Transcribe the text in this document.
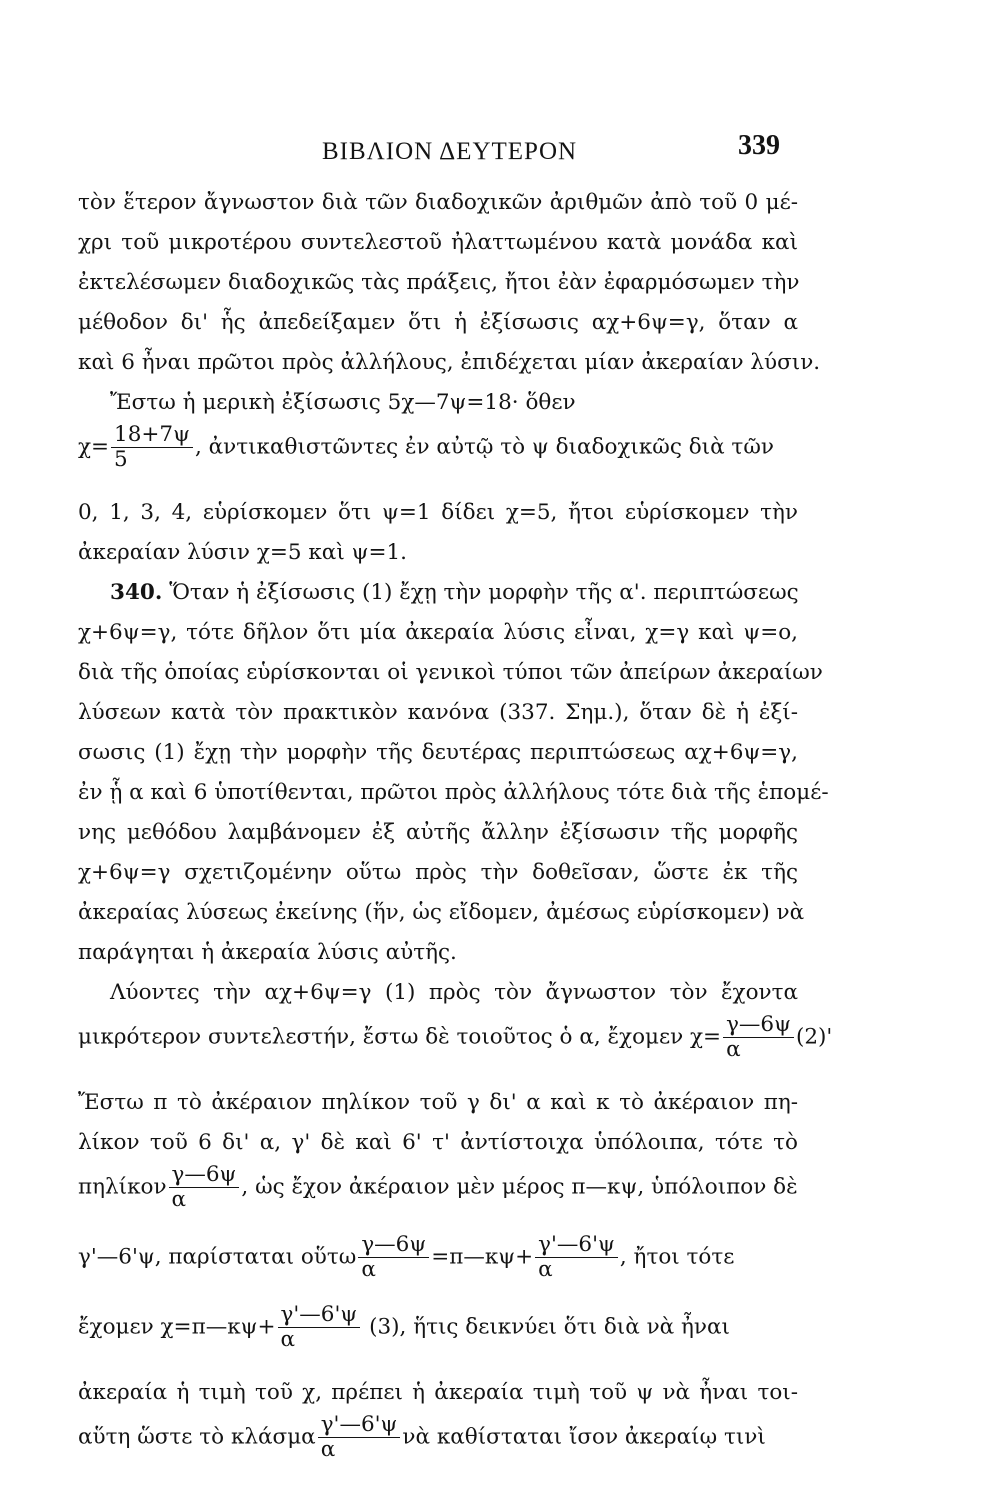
ΒΙΒΛΙΟΝ ΔΕΥΤΕΡΟΝ	339
τὸν ἕτερον ἄγνωστον διὰ τῶν διαδοχικῶν ἀριθμῶν ἀπὸ τοῦ 0 μέ-
χρι τοῦ μικροτέρου συντελεστοῦ ἠλαττωμένου κατὰ μονάδα καὶ
ἐκτελέσωμεν διαδοχικῶς τὰς πράξεις, ἤτοι ἐὰν ἐφαρμόσωμεν τὴν
μέθοδον δι' ἧς ἀπεδείξαμεν ὅτι ἡ ἐξίσωσις αχ+6ψ=γ, ὅταν α
καὶ 6 ἦναι πρῶτοι πρὸς ἀλλήλους, ἐπιδέχεται μίαν ἀκεραίαν λύσιν.
Ἔστω ἡ μερικὴ ἐξίσωσις 5χ—7ψ=18· ὅθεν
$\chi= \frac{18+7\psi}{5}$ , ἀντικαθιστῶντες ἐν αὐτῷ τὸ ψ διαδοχικῶς διὰ τῶν
0, 1, 3, 4, εὑρίσκομεν ὅτι ψ=1 δίδει χ=5, ἤτοι εὑρίσκομεν τὴν
ἀκεραίαν λύσιν χ=5 καὶ ψ=1.
340. Ὅταν ἡ ἐξίσωσις (1) ἔχῃ τὴν μορφὴν τῆς α'. περιπτώσεως
χ+6ψ=γ, τότε δῆλον ὅτι μία ἀκεραία λύσις εἶναι, χ=γ καὶ ψ=ο,
διὰ τῆς ὁποίας εὑρίσκονται οἱ γενικοὶ τύποι τῶν ἀπείρων ἀκεραίων
λύσεων κατὰ τὸν πρακτικὸν κανόνα (337. Σημ.), ὅταν δὲ ἡ ἐξί-
σωσις (1) ἔχῃ τὴν μορφὴν τῆς δευτέρας περιπτώσεως αχ+6ψ=γ,
ἐν ᾗ α καὶ 6 ὑποτίθενται, πρῶτοι πρὸς ἀλλήλους τότε διὰ τῆς ἑπομέ-
νης μεθόδου λαμβάνομεν ἐξ αὐτῆς ἄλλην ἐξίσωσιν τῆς μορφῆς
χ+6ψ=γ σχετιζομένην οὕτω πρὸς τὴν δοθεῖσαν, ὥστε ἐκ τῆς
ἀκεραίας λύσεως ἐκείνης (ἥν, ὡς εἴδομεν, ἀμέσως εὑρίσκομεν) νὰ
παράγηται ἡ ἀκεραία λύσις αὐτῆς.
Λύοντες τὴν αχ+6ψ=γ (1) πρὸς τὸν ἄγνωστον τὸν ἔχοντα
μικρότερον συντελεστήν, ἔστω δὲ τοιοῦτος ὁ α, ἔχομεν $\chi= \frac{\gamma—6\psi}{\alpha} (2)'$
Ἔστω π τὸ ἀκέραιον πηλίκον τοῦ γ δι' α καὶ κ τὸ ἀκέραιον πη-
λίκον τοῦ 6 δι' α, γ' δὲ καὶ 6' τ' ἀντίστοιχα ὑπόλοιπα, τότε τὸ
πηλίκον $\frac{\gamma—6\psi}{\alpha}$ , ὡς ἔχον ἀκέραιον μὲν μέρος π—κψ, ὑπόλοιπον δὲ
γ'—6'ψ, παρίσταται οὕτω $\frac{\gamma—6\psi}{\alpha}$ =π—κψ+ $\frac{\gamma'—6'\psi}{\alpha}$ , ἤτοι τότε
ἔχομεν χ=π—κψ+ $\frac{\gamma'—6'\psi}{\alpha} (3)$, ἥτις δεικνύει ὅτι διὰ νὰ ἦναι
ἀκεραία ἡ τιμὴ τοῦ χ, πρέπει ἡ ἀκεραία τιμὴ τοῦ ψ νὰ ἦναι τοι-
αὕτη ὥστε τὸ κλάσμα $\frac{\gamma'—6'\psi}{\alpha}$ νὰ καθίσταται ἴσον ἀκεραίῳ τινὶ
